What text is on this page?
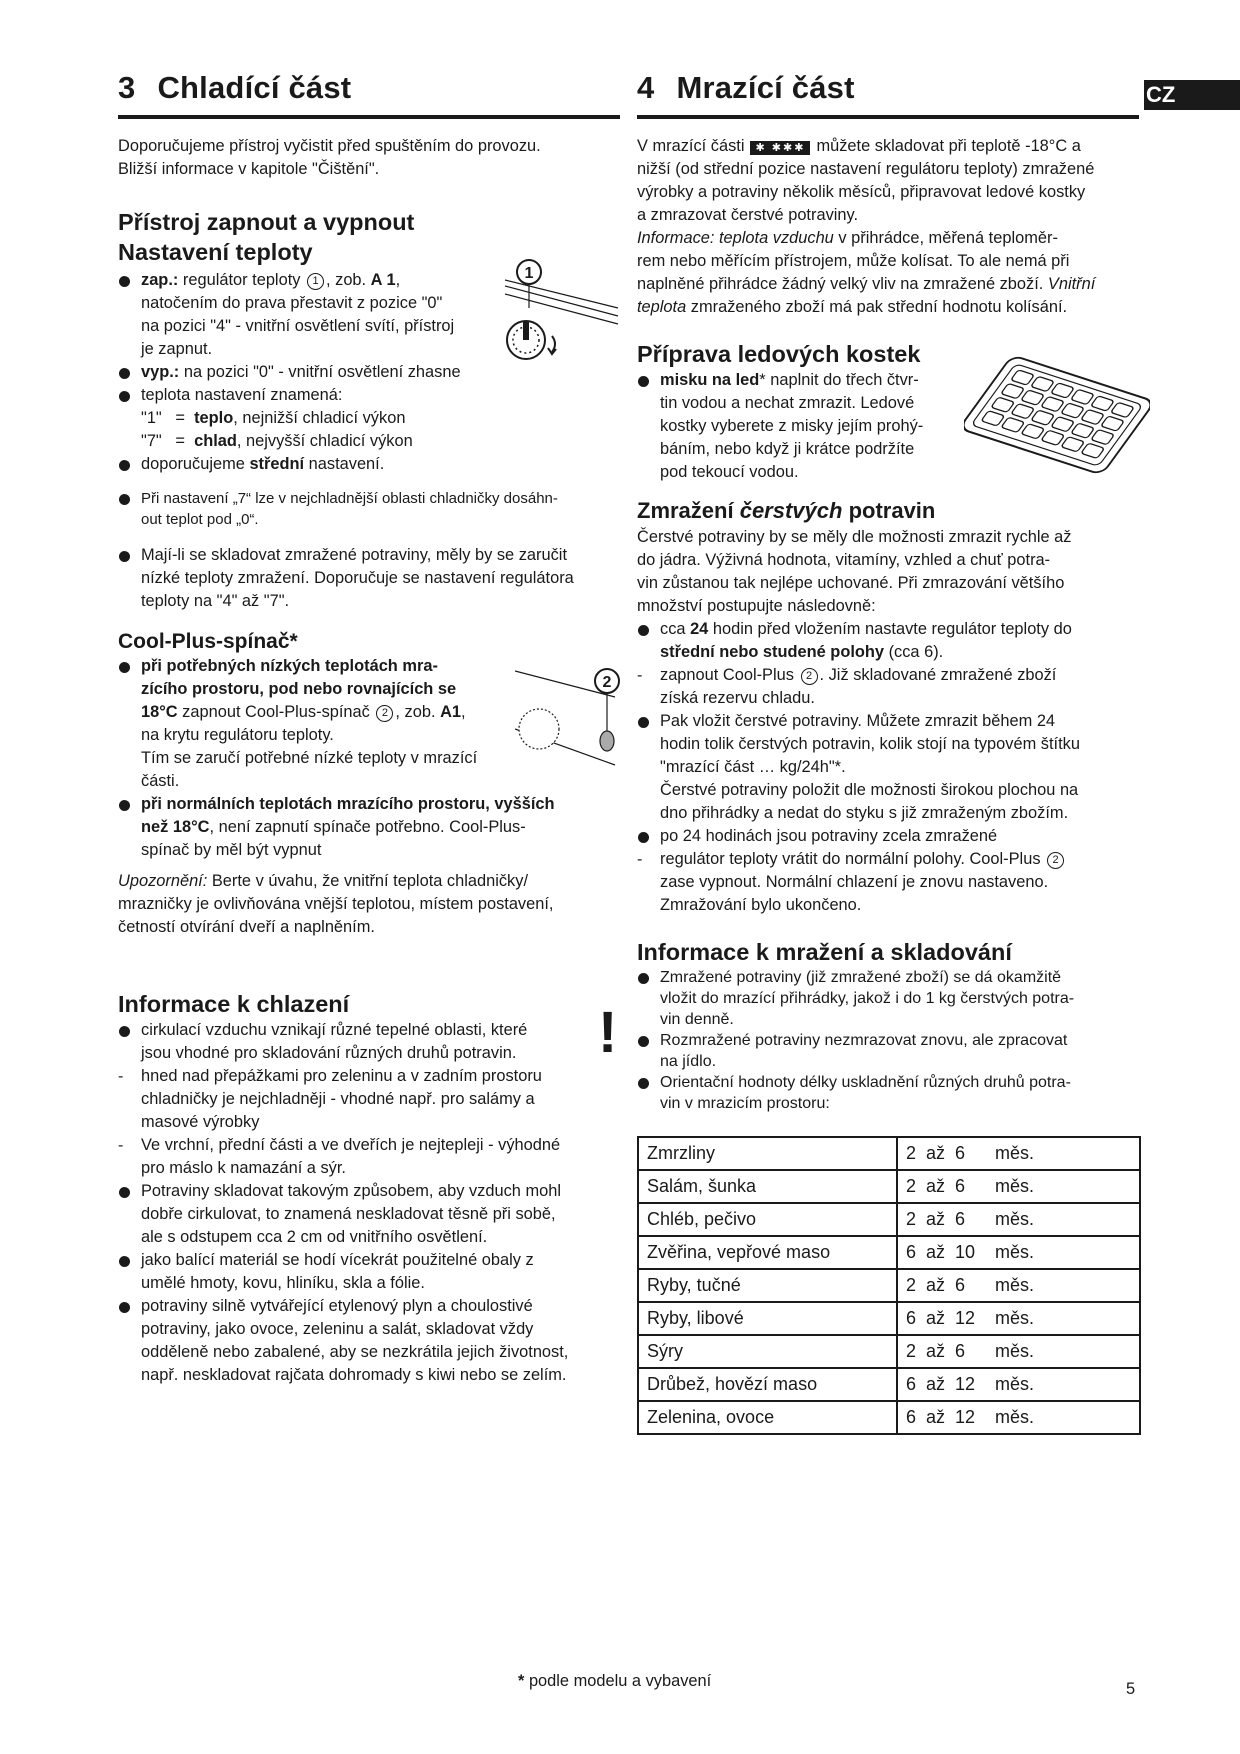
CZ
3 Chladící část

Doporučujeme přístroj vyčistit před spuštěním do provozu.

Bližší informace v kapitole "Čištění".

Přístroj zapnout a vypnout
Nastavení teploty
zap.: regulátor teploty 1 , zob. A 1,
natočením do prava přestavit z pozice "0"
na pozici "4" - vnitřní osvětlení svítí, přístroj
je zapnut.
vyp.: na pozici "0" - vnitřní osvětlení zhasne
teplota nastavení znamená:
"1"   =  teplo, nejnižší chladicí výkon
"7"   =  chlad, nejvyšší chladicí výkon
doporučujeme střední nastavení.
Při nastavení „7“ lze v nejchladnější oblasti chladničky dosáhn-
out teplot pod „0“.
Mají-li se skladovat zmražené potraviny, měly by se zaručit
nízké teploty zmražení. Doporučuje se nastavení regulátora
teploty na "4" až "7".
Cool-Plus-spínač*
při potřebných nízkých teplotách mra-
zícího prostoru, pod nebo rovnajících se
18°C zapnout Cool-Plus-spínač 2 , zob. A1,
na krytu regulátoru teploty.
Tím se zaručí potřebné nízké teploty v mrazící
části.
při normálních teplotách mrazícího prostoru, vyšších
než 18°C, není zapnutí spínače potřebno. Cool-Plus-
spínač by měl být vypnut

Upozornění: Berte v úvahu, že vnitřní teplota chladničky/

mrazničky je ovlivňována vnější teplotou, místem postavení,

četností otvírání dveří a naplněním.

Informace k chlazení
cirkulací vzduchu vznikají různé tepelné oblasti, které
jsou vhodné pro skladování různých druhů potravin.
-	hned nad přepážkami pro zeleninu a v zadním prostoru
chladničky je nejchladněji - vhodné např. pro salámy a
masové výrobky
-	Ve vrchní, přední části a ve dveřích je nejtepleji - výhodné
pro máslo k namazání a sýr.
Potraviny skladovat takovým způsobem, aby vzduch mohl
dobře cirkulovat, to znamená neskladovat těsně při sobě,
ale s odstupem cca 2 cm od vnitřního osvětlení.
jako balící materiál se hodí vícekrát použitelné obaly z
umělé hmoty, kovu, hliníku, skla a fólie.
potraviny silně vytvářející etylenový plyn a choulostivé
potraviny, jako ovoce, zeleninu a salát, skladovat vždy
odděleně nebo zabalené, aby se nezkrátila jejich životnost,
např. neskladovat rajčata dohromady s kiwi nebo se zelím.
1
2
!
4 Mrazící část

V mrazící části ✱ ✱✱✱ můžete skladovat při teplotě -18°C a

nižší (od střední pozice nastavení regulátoru teploty) zmražené

výrobky a potraviny několik měsíců, připravovat ledové kostky

a zmrazovat čerstvé potraviny.

Informace: teplota vzduchu v přihrádce, měřená teploměr-

rem nebo měřícím přístrojem, může kolísat. To ale nemá při

naplněné přihrádce žádný velký vliv na zmražené zboží. Vnitřní

teplota zmraženého zboží má pak střední hodnotu kolísání.

Příprava ledových kostek
misku na led* naplnit do třech čtvr-
tin vodou a nechat zmrazit. Ledové
kostky vyberete z misky jejím prohý-
báním, nebo když ji krátce podržíte
pod tekoucí vodou.
Zmražení čerstvých potravin

Čerstvé potraviny by se měly dle možnosti zmrazit rychle až

do jádra. Výživná hodnota, vitamíny, vzhled a chuť potra-

vin zůstanou tak nejlépe uchované. Při zmrazování většího

množství postupujte následovně:

cca 24 hodin před vložením nastavte regulátor teploty do
střední nebo studené polohy (cca 6).
-	zapnout Cool-Plus 2 . Již skladované zmražené zboží
získá rezervu chladu.
Pak vložit čerstvé potraviny. Můžete zmrazit během 24
hodin tolik čerstvých potravin, kolik stojí na typovém štítku
"mrazící část … kg/24h"*.
Čerstvé potraviny položit dle možnosti širokou plochou na
dno přihrádky a nedat do styku s již zmraženým zbožím.
po 24 hodinách jsou potraviny zcela zmražené
-	regulátor teploty vrátit do normální polohy. Cool-Plus 2
zase vypnout. Normální chlazení je znovu nastaveno.
Zmražování bylo ukončeno.
Informace k mražení a skladování
Zmražené potraviny (již zmražené zboží) se dá okamžitě
vložit do mrazící přihrádky, jakož i do 1 kg čerstvých potra-
vin denně.
Rozmražené potraviny nezmrazovat znovu, ale zpracovat
na jídlo.
Orientační hodnoty délky uskladnění různých druhů potra-
vin v mrazicím prostoru:
Zmrzliny	2  až  6      měs.
Salám, šunka	2  až  6      měs.
Chléb, pečivo	2  až  6      měs.
Zvěřina, vepřové maso	6  až  10    měs.
Ryby, tučné	2  až  6      měs.
Ryby, libové	6  až  12    měs.
Sýry	2  až  6      měs.
Drůbež, hovězí maso	6  až  12    měs.
Zelenina, ovoce	6  až  12    měs.
* podle modelu a vybavení	5
